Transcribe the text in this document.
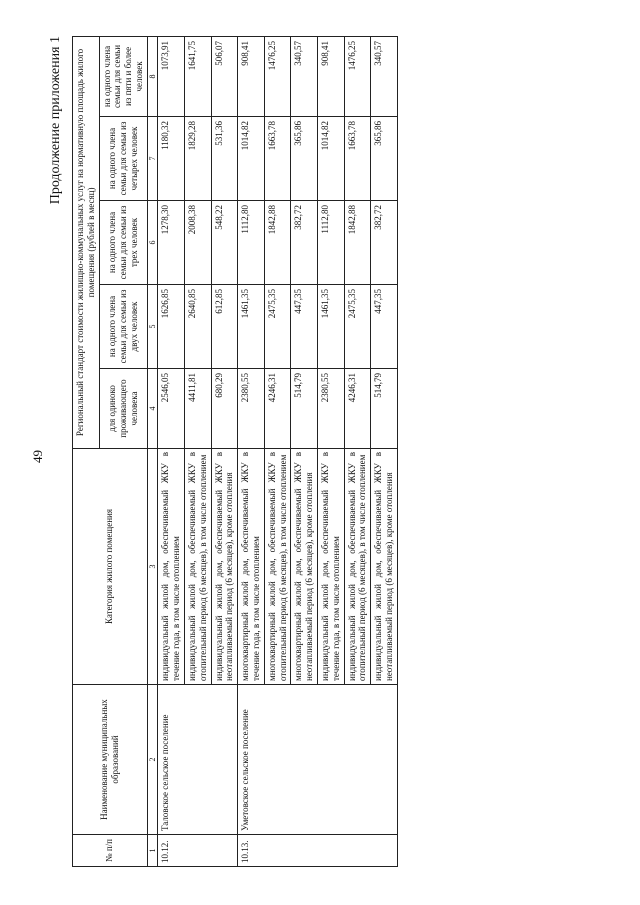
49
Продолжение приложения 1
№ п/п	Наименование муниципальных образований	Категория жилого помещения	Региональный стандарт стоимости жилищно-коммунальных услуг на нормативную площадь жилого помещения (рублей в месяц)				
			для одиноко проживающего человека	на одного члена семьи для семьи из двух человек	на одного члена семьи для семьи из трех человек	на одного члена семьи для семьи из четырех человек	на одного члена семьи для семьи из пяти и более человек
1	2	3	4	5	6	7	8
10.12.	Таловское сельское поселение	индивидуальный жилой дом, обеспечиваемый ЖКУ в течение года, в том числе отоплением	2546,05	1626,85	1278,30	1180,32	1073,91
		индивидуальный жилой дом, обеспечиваемый ЖКУ в отопительный период (6 месяцев), в том числе отоплением	4411,81	2640,85	2008,38	1829,28	1641,75
		индивидуальный жилой дом, обеспечиваемый ЖКУ в неотапливаемый период (6 месяцев), кроме отопления	680,29	612,85	548,22	531,36	506,07
10.13.	Уметовское сельское поселение	многоквартирный жилой дом, обеспечиваемый ЖКУ в течение года, в том числе отоплением	2380,55	1461,35	1112,80	1014,82	908,41
		многоквартирный жилой дом, обеспечиваемый ЖКУ в отопительный период (6 месяцев), в том числе отоплением	4246,31	2475,35	1842,88	1663,78	1476,25
		многоквартирный жилой дом, обеспечиваемый ЖКУ в неотапливаемый период (6 месяцев), кроме отопления	514,79	447,35	382,72	365,86	340,57
		индивидуальный жилой дом, обеспечиваемый ЖКУ в течение года, в том числе отоплением	2380,55	1461,35	1112,80	1014,82	908,41
		индивидуальный жилой дом, обеспечиваемый ЖКУ в отопительный период (6 месяцев), в том числе отоплением	4246,31	2475,35	1842,88	1663,78	1476,25
		индивидуальный жилой дом, обеспечиваемый ЖКУ в неотапливаемый период (6 месяцев), кроме отопления	514,79	447,35	382,72	365,86	340,57
